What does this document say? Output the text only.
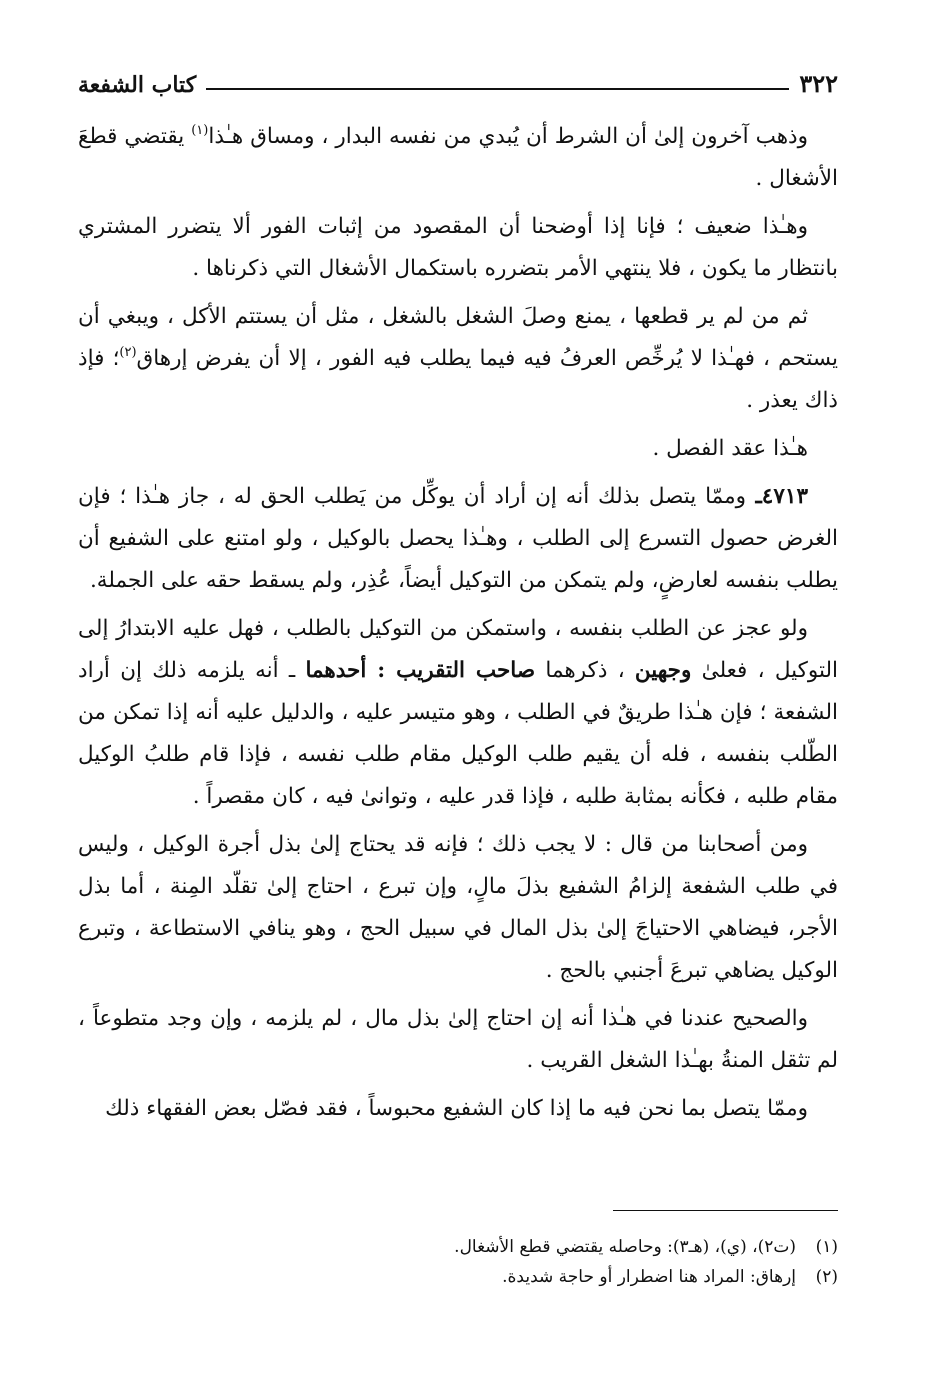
٣٢٢
كتاب الشفعة

وذهب آخرون إلىٰ أن الشرط أن يُبدي من نفسه البدار ، ومساق هـٰذا$^{(١)}$ يقتضي قطعَ الأشغال .

وهـٰذا ضعيف ؛ فإنا إذا أوضحنا أن المقصود من إثبات الفور ألا يتضرر المشتري بانتظار ما يكون ، فلا ينتهي الأمر بتضرره باستكمال الأشغال التي ذكرناها .

ثم من لم ير قطعها ، يمنع وصلَ الشغل بالشغل ، مثل أن يستتم الأكل ، ويبغي أن يستحم ، فهـٰذا لا يُرخِّص العرفُ فيه فيما يطلب فيه الفور ، إلا أن يفرض إرهاق$^{(٢)}$؛ فإذ ذاك يعذر .

هـٰذا عقد الفصل .

٤٧١٣ـ وممّا يتصل بذلك أنه إن أراد أن يوكِّل من يَطلب الحق له ، جاز هـٰذا ؛ فإن الغرض حصول التسرع إلى الطلب ، وهـٰذا يحصل بالوكيل ، ولو امتنع على الشفيع أن يطلب بنفسه لعارضٍ، ولم يتمكن من التوكيل أيضاً، عُذِر، ولم يسقط حقه على الجملة.

ولو عجز عن الطلب بنفسه ، واستمكن من التوكيل بالطلب ، فهل عليه الابتدارُ إلى التوكيل ، فعلىٰ وجهين ، ذكرهما صاحب التقريب : أحدهما ـ أنه يلزمه ذلك إن أراد الشفعة ؛ فإن هـٰذا طريقٌ في الطلب ، وهو متيسر عليه ، والدليل عليه أنه إذا تمكن من الطّلب بنفسه ، فله أن يقيم طلب الوكيل مقام طلب نفسه ، فإذا قام طلبُ الوكيل مقام طلبه ، فكأنه بمثابة طلبه ، فإذا قدر عليه ، وتوانىٰ فيه ، كان مقصراً .

ومن أصحابنا من قال : لا يجب ذلك ؛ فإنه قد يحتاج إلىٰ بذل أجرة الوكيل ، وليس في طلب الشفعة إلزامُ الشفيع بذلَ مالٍ، وإن تبرع ، احتاج إلىٰ تقلّد المِنة ، أما بذل الأجر، فيضاهي الاحتياجَ إلىٰ بذل المال في سبيل الحج ، وهو ينافي الاستطاعة ، وتبرع الوكيل يضاهي تبرعَ أجنبي بالحج .

والصحيح عندنا في هـٰذا أنه إن احتاج إلىٰ بذل مال ، لم يلزمه ، وإن وجد متطوعاً ، لم تثقل المنةُ بهـٰذا الشغل القريب .

وممّا يتصل بما نحن فيه ما إذا كان الشفيع محبوساً ، فقد فصّل بعض الفقهاء ذلك

(١)(ت٢)، (ي)، (هـ٣): وحاصله يقتضي قطع الأشغال.

(٢)إرهاق: المراد هنا اضطرار أو حاجة شديدة.
